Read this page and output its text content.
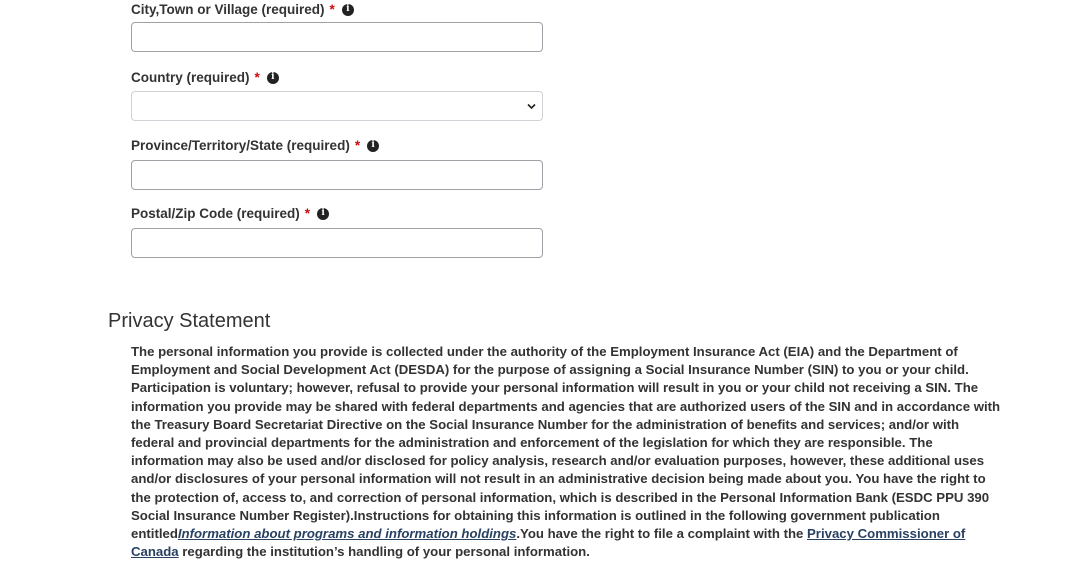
City,Town or Village (required) *	i
Country (required) *	i
Province/Territory/State (required) *	i
Postal/Zip Code (required) *	i
Privacy Statement
The personal information you provide is collected under the authority of the Employment Insurance Act (EIA) and the Department of Employment and Social Development Act (DESDA) for the purpose of assigning a Social Insurance Number (SIN) to you or your child. Participation is voluntary; however, refusal to provide your personal information will result in you or your child not receiving a SIN. The information you provide may be shared with federal departments and agencies that are authorized users of the SIN and in accordance with the Treasury Board Secretariat Directive on the Social Insurance Number for the administration of benefits and services; and/or with federal and provincial departments for the administration and enforcement of the legislation for which they are responsible. The information may also be used and/or disclosed for policy analysis, research and/or evaluation purposes, however, these additional uses and/or disclosures of your personal information will not result in an administrative decision being made about you. You have the right to the protection of, access to, and correction of personal information, which is described in the Personal Information Bank (ESDC PPU 390 Social Insurance Number Register).Instructions for obtaining this information is outlined in the following government publication entitledInformation about programs and information holdings.You have the right to file a complaint with the Privacy Commissioner of Canada regarding the institution’s handling of your personal information.
